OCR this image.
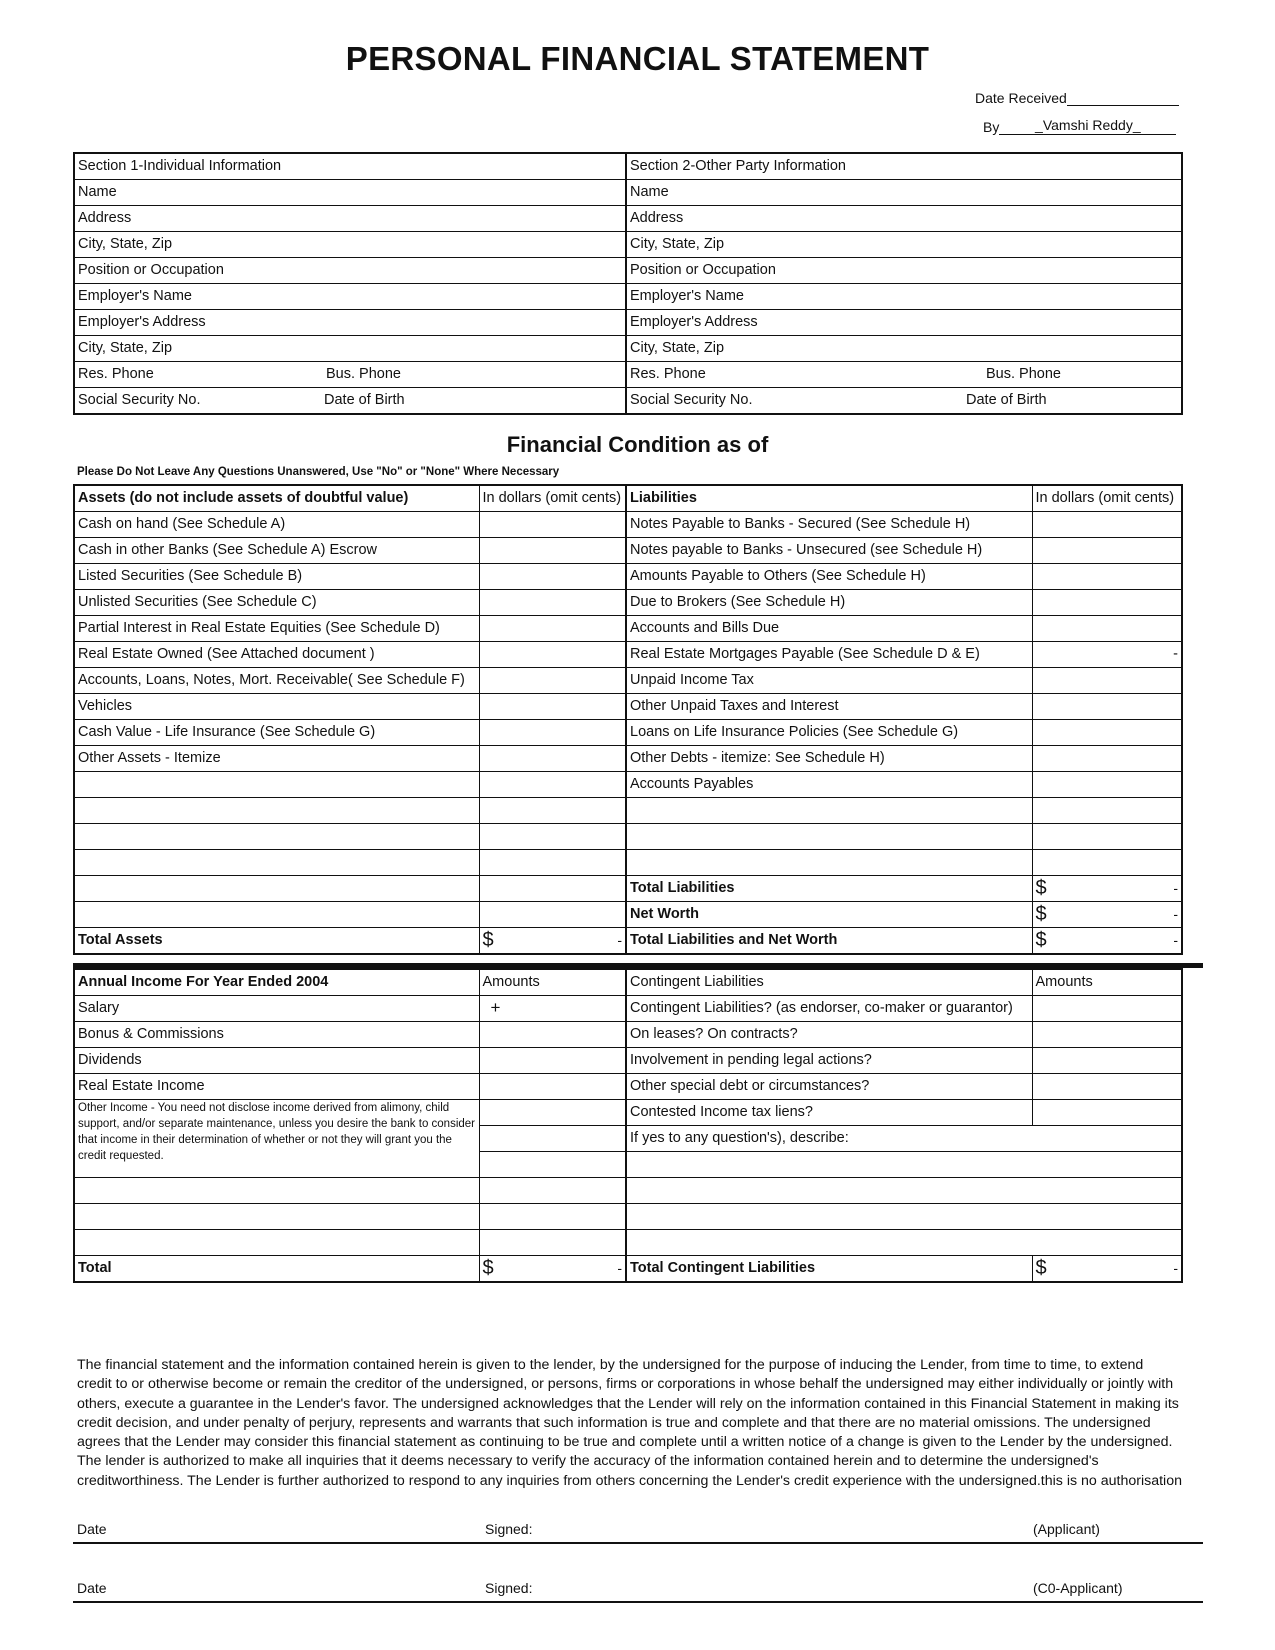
PERSONAL FINANCIAL STATEMENT
Date Received
By	_Vamshi Reddy_
Section 1-Individual Information	Section 2-Other Party Information
Name	Name
Address	Address
City, State, Zip	City, State, Zip
Position or Occupation	Position or Occupation
Employer's Name	Employer's Name
Employer's Address	Employer's Address
City, State, Zip	City, State, Zip
Res. Phone Bus. Phone	Res. Phone Bus. Phone
Social Security No. Date of Birth	Social Security No. Date of Birth
Financial Condition as of
Please Do Not Leave Any Questions Unanswered, Use "No" or "None" Where Necessary
Assets (do not include assets of doubtful value)	In dollars (omit cents)	Liabilities	In dollars (omit cents)
Cash on hand (See Schedule A)		Notes Payable to Banks - Secured (See Schedule H)	
Cash in other Banks (See Schedule A) Escrow		Notes payable to Banks - Unsecured (see Schedule H)	
Listed Securities (See Schedule B)		Amounts Payable to Others (See Schedule H)	
Unlisted Securities (See Schedule C)		Due to Brokers (See Schedule H)	
Partial Interest in Real Estate Equities (See Schedule D)		Accounts and Bills Due	
Real Estate Owned (See Attached document )		Real Estate Mortgages Payable (See Schedule D & E)	-
Accounts, Loans, Notes, Mort. Receivable( See Schedule F)		Unpaid Income Tax	
Vehicles		Other Unpaid Taxes and Interest	
Cash Value - Life Insurance (See Schedule G)		Loans on Life Insurance Policies (See Schedule G)	
Other Assets - Itemize		Other Debts - itemize: See Schedule H)	
		Accounts Payables	

		Total Liabilities	$ -

		Net Worth	$ -

Total Assets	$ -	Total Liabilities and Net Worth	$ -
Annual Income For Year Ended 2004	Amounts	Contingent Liabilities	Amounts
Salary	+	Contingent Liabilities? (as endorser, co-maker or guarantor)	
Bonus & Commissions		On leases? On contracts?	
Dividends		Involvement in pending legal actions?	
Real Estate Income		Other special debt or circumstances?	
Other Income - You need not disclose income derived from alimony, child support, and/or separate maintenance, unless you desire the bank to consider that income in their determination of whether or not they will grant you the credit requested.		Contested Income tax liens?	
		If yes to any question's), describe:	

Total	$ -	Total Contingent Liabilities	$ -
The financial statement and the information contained herein is given to the lender, by the undersigned for the purpose of inducing the Lender, from time to time, to extend
credit to or otherwise become or remain the creditor of the undersigned, or persons, firms or corporations in whose behalf the undersigned may either individually or jointly with
others, execute a guarantee in the Lender's favor. The undersigned acknowledges that the Lender will rely on the information contained in this Financial Statement in making its
credit decision, and under penalty of perjury, represents and warrants that such information is true and complete and that there are no material omissions. The undersigned
agrees that the Lender may consider this financial statement as continuing to be true and complete until a written notice of a change is given to the Lender by the undersigned.
The lender is authorized to make all inquiries that it deems necessary to verify the accuracy of the information contained herein and to determine the undersigned's
creditworthiness. The Lender is further authorized to respond to any inquiries from others concerning the Lender's credit experience with the undersigned.this is no authorisation
Date	Signed:	(Applicant)
Date	Signed:	(C0-Applicant)
